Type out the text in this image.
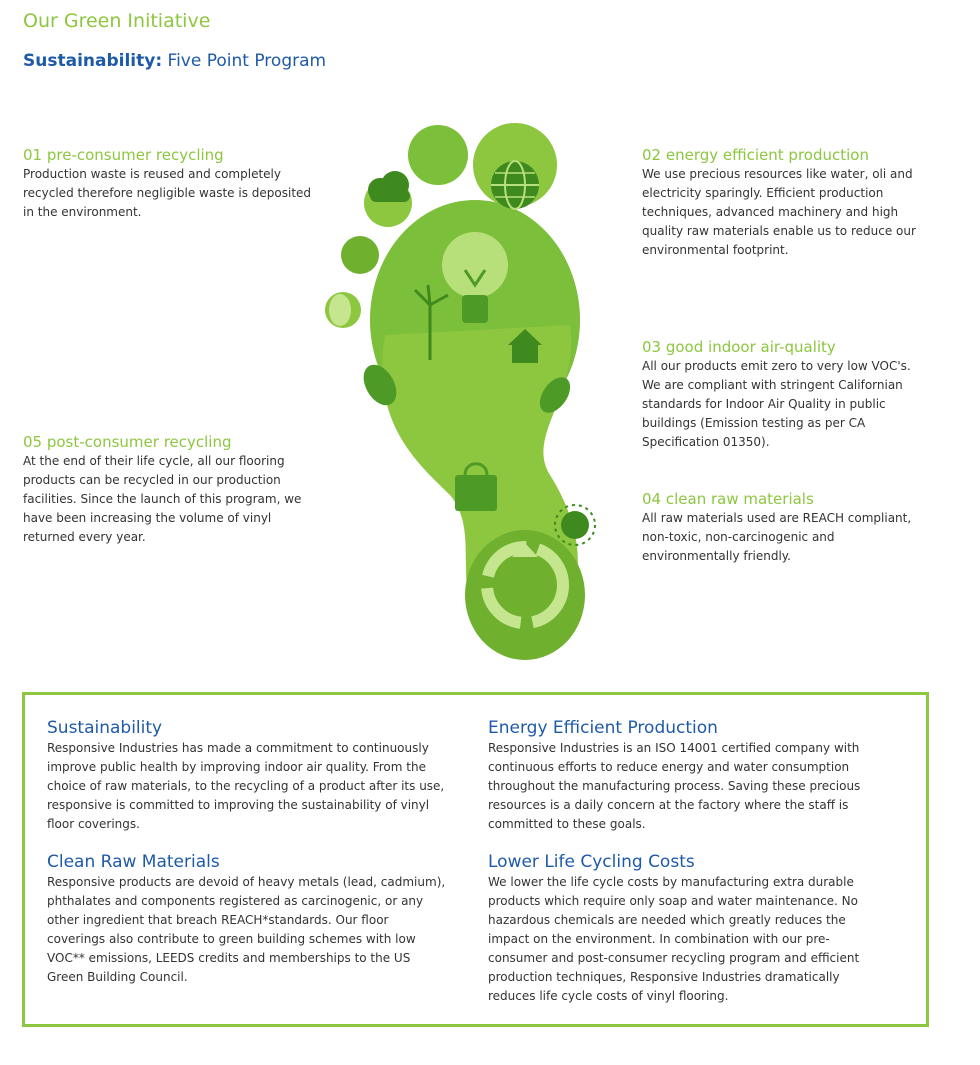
Our Green Initiative
Sustainability: Five Point Program
01 pre-consumer recycling

Production waste is reused and completely recycled therefore negligible waste is deposited in the environment.

02 energy efficient production

We use precious resources like water, oli and electricity sparingly. Efficient production techniques, advanced machinery and high quality raw materials enable us to reduce our environmental footprint.

03 good indoor air-quality

All our products emit zero to very low VOC's. We are compliant with stringent Californian standards for Indoor Air Quality in public buildings (Emission testing as per CA Specification 01350).

04 clean raw materials

All raw materials used are REACH compliant, non-toxic, non-carcinogenic and environmentally friendly.

05 post-consumer recycling

At the end of their life cycle, all our flooring products can be recycled in our production facilities. Since the launch of this program, we have been increasing the volume of vinyl returned every year.

Sustainability

Responsive Industries has made a commitment to continuously improve public health by improving indoor air quality. From the choice of raw materials, to the recycling of a product after its use, responsive is committed to improving the sustainability of vinyl floor coverings.

Energy Efficient Production

Responsive Industries is an ISO 14001 certified company with continuous efforts to reduce energy and water consumption throughout the manufacturing process. Saving these precious resources is a daily concern at the factory where the staff is committed to these goals.

Clean Raw Materials

Responsive products are devoid of heavy metals (lead, cadmium), phthalates and components registered as carcinogenic, or any other ingredient that breach REACH*standards. Our floor coverings also contribute to green building schemes with low VOC** emissions, LEEDS credits and memberships to the US Green Building Council.

Lower Life Cycling Costs

We lower the life cycle costs by manufacturing extra durable products which require only soap and water maintenance. No hazardous chemicals are needed which greatly reduces the impact on the environment. In combination with our pre-consumer and post-consumer recycling program and efficient production techniques, Responsive Industries dramatically reduces life cycle costs of vinyl flooring.
